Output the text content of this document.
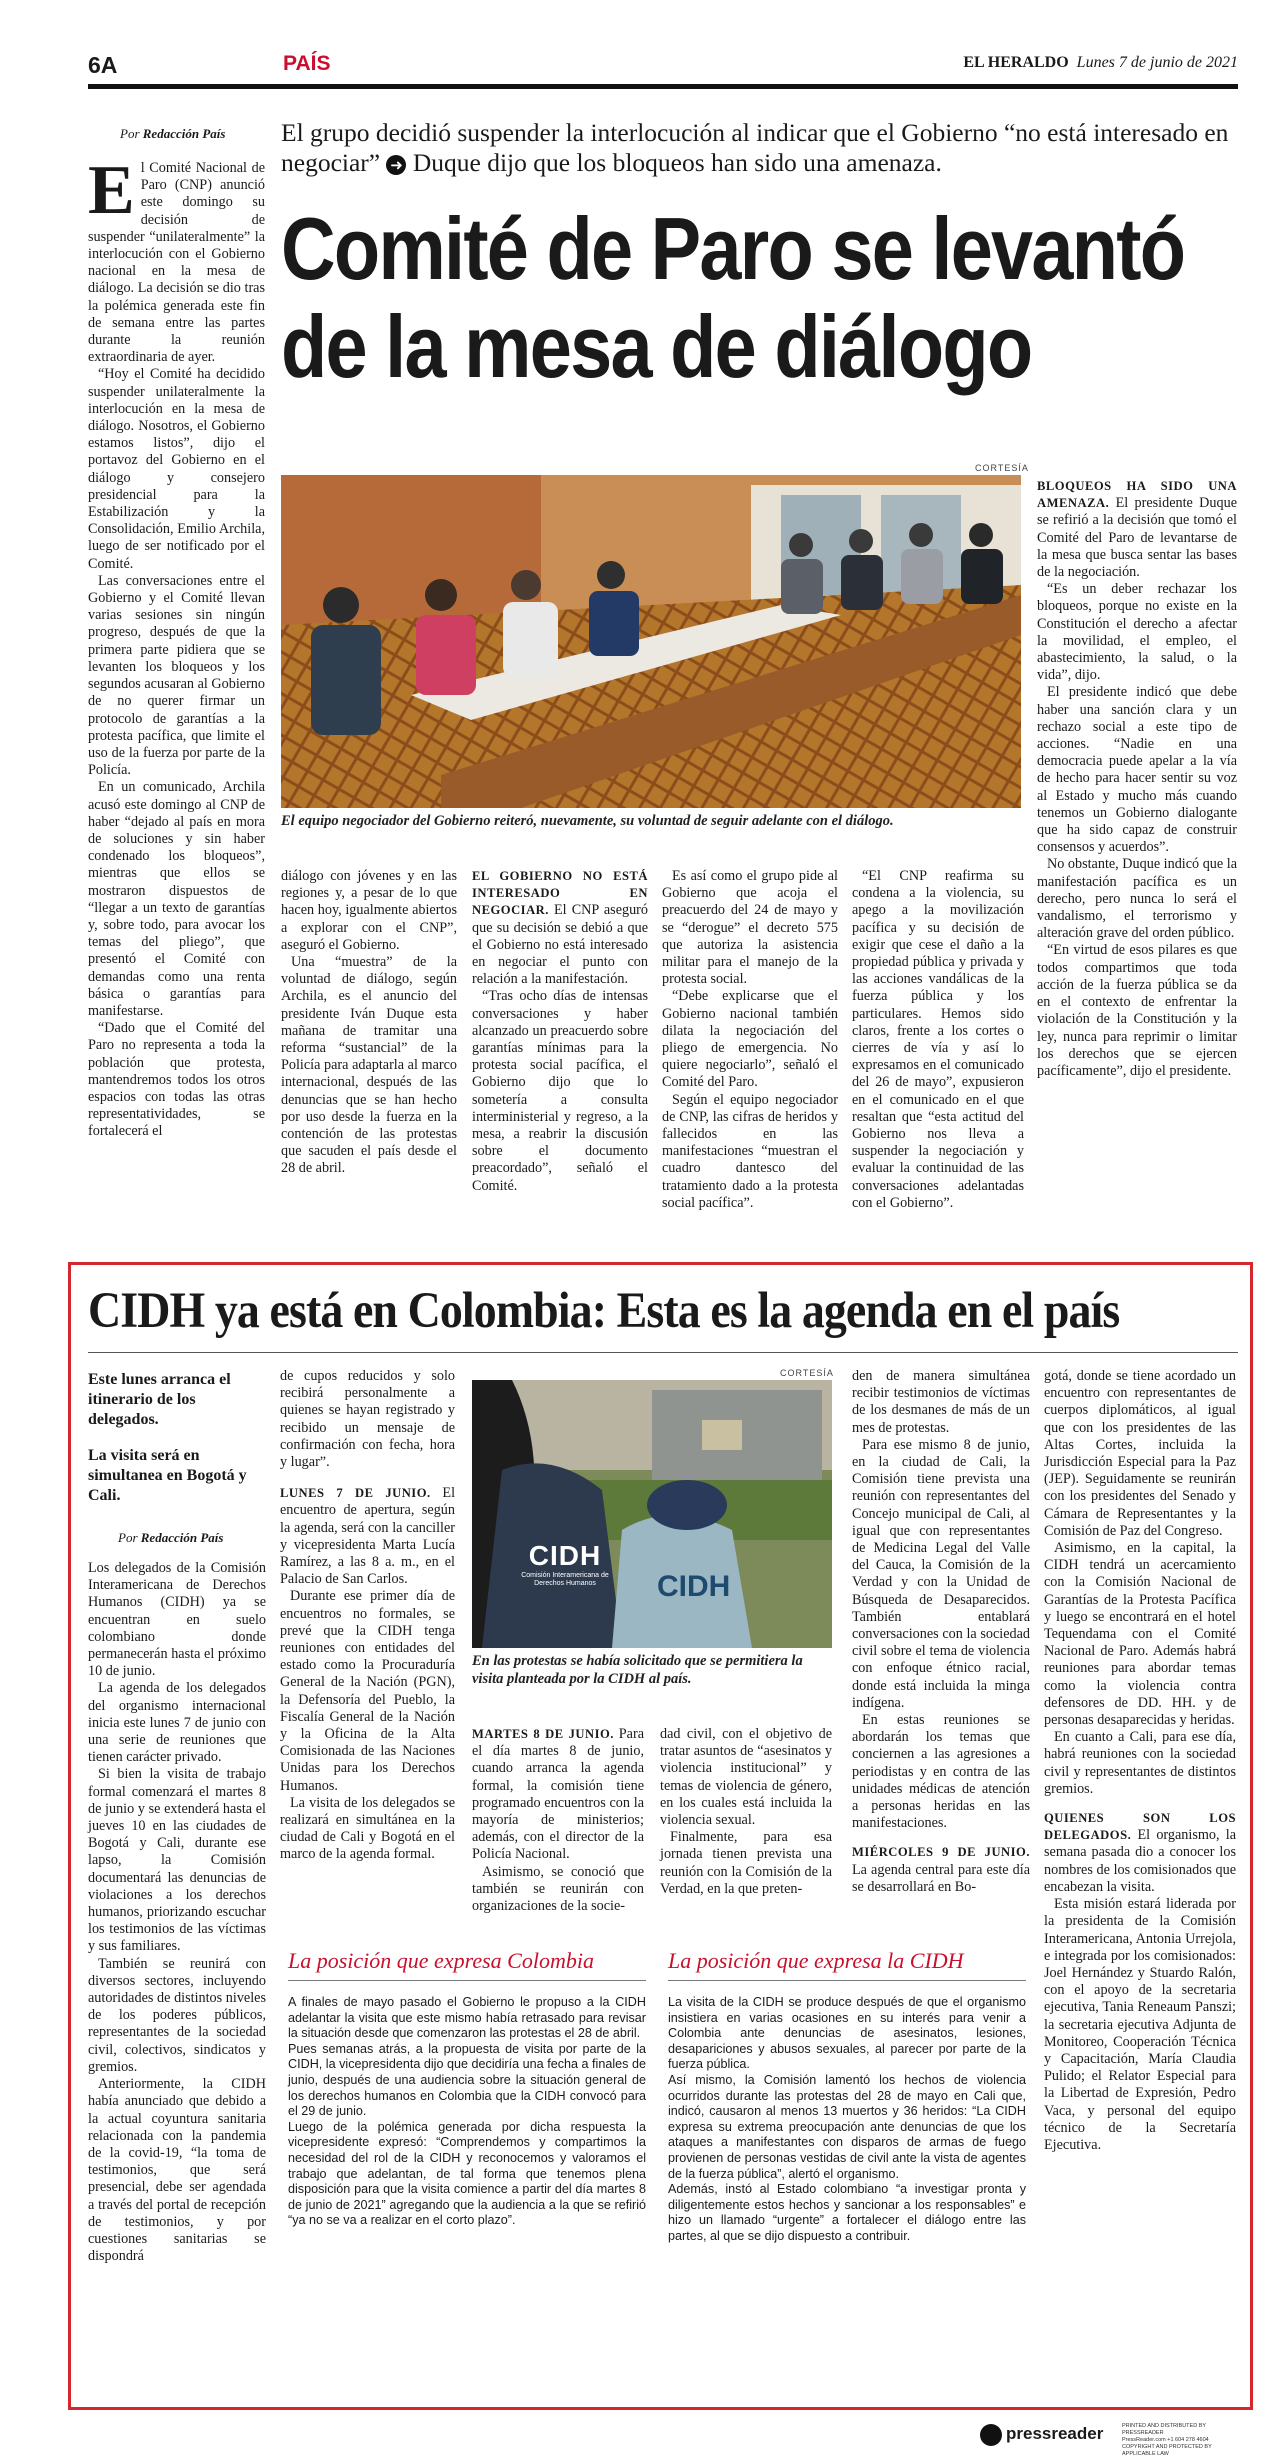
6A	PAÍS	EL HERALDO Lunes 7 de junio de 2021
Por Redacción País El grupo decidió suspender la interlocución al indicar que el Gobierno “no está interesado en negociar” ➜ Duque dijo que los bloqueos han sido una amenaza.
Comité de Paro se levantó
de la mesa de diálogo

El Comité Nacional de Paro (CNP) anunció este domingo su decisión de suspender “unilateralmente” la interlocución con el Gobierno nacional en la mesa de diálogo. La decisión se dio tras la polémica generada este fin de semana entre las partes durante la reunión extraordinaria de ayer.

“Hoy el Comité ha decidido suspender unilateralmente la interlocución en la mesa de diálogo. Nosotros, el Gobierno estamos listos”, dijo el portavoz del Gobierno en el diálogo y consejero presidencial para la Estabilización y la Consolidación, Emilio Archila, luego de ser notificado por el Comité.

Las conversaciones entre el Gobierno y el Comité llevan varias sesiones sin ningún progreso, después de que la primera parte pidiera que se levanten los bloqueos y los segundos acusaran al Gobierno de no querer firmar un protocolo de garantías a la protesta pacífica, que limite el uso de la fuerza por parte de la Policía.

En un comunicado, Archila acusó este domingo al CNP de haber “dejado al país en mora de soluciones y sin haber condenado los bloqueos”, mientras que ellos se mostraron dispuestos de “llegar a un texto de garantías y, sobre todo, para avocar los temas del pliego”, que presentó el Comité con demandas como una renta básica o garantías para manifestarse.

“Dado que el Comité del Paro no representa a toda la población que protesta, mantendremos todos los otros espacios con todas las otras representatividades, se fortalecerá el

CORTESÍA
El equipo negociador del Gobierno reiteró, nuevamente, su voluntad de seguir adelante con el diálogo.

BLOQUEOS HA SIDO UNA AMENAZA. El presidente Duque se refirió a la decisión que tomó el Comité del Paro de levantarse de la mesa que busca sentar las bases de la negociación.

“Es un deber rechazar los bloqueos, porque no existe en la Constitución el derecho a afectar la movilidad, el empleo, el abastecimiento, la salud, o la vida”, dijo.

El presidente indicó que debe haber una sanción clara y un rechazo social a este tipo de acciones. “Nadie en una democracia puede apelar a la vía de hecho para hacer sentir su voz al Estado y mucho más cuando tenemos un Gobierno dialogante que ha sido capaz de construir consensos y acuerdos”.

No obstante, Duque indicó que la manifestación pacífica es un derecho, pero nunca lo será el vandalismo, el terrorismo y alteración grave del orden público.

“En virtud de esos pilares es que todos compartimos que toda acción de la fuerza pública se da en el contexto de enfrentar la violación de la Constitución y la ley, nunca para reprimir o limitar los derechos que se ejercen pacíficamente”, dijo el presidente.

diálogo con jóvenes y en las regiones y, a pesar de lo que hacen hoy, igualmente abiertos a explorar con el CNP”, aseguró el Gobierno.

Una “muestra” de la voluntad de diálogo, según Archila, es el anuncio del presidente Iván Duque esta mañana de tramitar una reforma “sustancial” de la Policía para adaptarla al marco internacional, después de las denuncias que se han hecho por uso desde la fuerza en la contención de las protestas que sacuden el país desde el 28 de abril.

EL GOBIERNO NO ESTÁ INTERESADO EN NEGOCIAR. El CNP aseguró que su decisión se debió a que el Gobierno no está interesado en negociar el punto con relación a la manifestación.

“Tras ocho días de intensas conversaciones y haber alcanzado un preacuerdo sobre garantías mínimas para la protesta social pacífica, el Gobierno dijo que lo sometería a consulta interministerial y regreso, a la mesa, a reabrir la discusión sobre el documento preacordado”, señaló el Comité.

Es así como el grupo pide al Gobierno que acoja el preacuerdo del 24 de mayo y se “derogue” el decreto 575 que autoriza la asistencia militar para el manejo de la protesta social.

“Debe explicarse que el Gobierno nacional también dilata la negociación del pliego de emergencia. No quiere negociarlo”, señaló el Comité del Paro.

Según el equipo negociador de CNP, las cifras de heridos y fallecidos en las manifestaciones “muestran el cuadro dantesco del tratamiento dado a la protesta social pacífica”.

“El CNP reafirma su condena a la violencia, su apego a la movilización pacífica y su decisión de exigir que cese el daño a la propiedad pública y privada y las acciones vandálicas de la fuerza pública y los particulares. Hemos sido claros, frente a los cortes o cierres de vía y así lo expresamos en el comunicado del 26 de mayo”, expusieron en el comunicado en el que resaltan que “esta actitud del Gobierno nos lleva a suspender la negociación y evaluar la continuidad de las conversaciones adelantadas con el Gobierno”.

CIDH ya está en Colombia: Esta es la agenda en el país
Este lunes arranca el itinerario de los delegados.
La visita será en simultanea en Bogotá y Cali.
Por Redacción País

Los delegados de la Comisión Interamericana de Derechos Humanos (CIDH) ya se encuentran en suelo colombiano donde permanecerán hasta el próximo 10 de junio.

La agenda de los delegados del organismo internacional inicia este lunes 7 de junio con una serie de reuniones que tienen carácter privado.

Si bien la visita de trabajo formal comenzará el martes 8 de junio y se extenderá hasta el jueves 10 en las ciudades de Bogotá y Cali, durante ese lapso, la Comisión documentará las denuncias de violaciones a los derechos humanos, priorizando escuchar los testimonios de las víctimas y sus familiares.

También se reunirá con diversos sectores, incluyendo autoridades de distintos niveles de los poderes públicos, representantes de la sociedad civil, colectivos, sindicatos y gremios.

Anteriormente, la CIDH había anunciado que debido a la actual coyuntura sanitaria relacionada con la pandemia de la covid-19, “la toma de testimonios, que será presencial, debe ser agendada a través del portal de recepción de testimonios, y por cuestiones sanitarias se dispondrá

de cupos reducidos y solo recibirá personalmente a quienes se hayan registrado y recibido un mensaje de confirmación con fecha, hora y lugar”.

LUNES 7 DE JUNIO. El encuentro de apertura, según la agenda, será con la canciller y vicepresidenta Marta Lucía Ramírez, a las 8 a. m., en el Palacio de San Carlos.

Durante ese primer día de encuentros no formales, se prevé que la CIDH tenga reuniones con entidades del estado como la Procuraduría General de la Nación (PGN), la Defensoría del Pueblo, la Fiscalía General de la Nación y la Oficina de la Alta Comisionada de las Naciones Unidas para los Derechos Humanos.

La visita de los delegados se realizará en simultánea en la ciudad de Cali y Bogotá en el marco de la agenda formal.

CORTESÍA
CIDH
Comisión Interamericana de Derechos Humanos	CIDH
En las protestas se había solicitado que se permitiera la visita planteada por la CIDH al país.

MARTES 8 DE JUNIO. Para el día martes 8 de junio, cuando arranca la agenda formal, la comisión tiene programado encuentros con la mayoría de ministerios; además, con el director de la Policía Nacional.

Asimismo, se conoció que también se reunirán con organizaciones de la socie-

dad civil, con el objetivo de tratar asuntos de “asesinatos y violencia institucional” y temas de violencia de género, en los cuales está incluida la violencia sexual.

Finalmente, para esa jornada tienen prevista una reunión con la Comisión de la Verdad, en la que preten-

den de manera simultánea recibir testimonios de víctimas de los desmanes de más de un mes de protestas.

Para ese mismo 8 de junio, en la ciudad de Cali, la Comisión tiene prevista una reunión con representantes del Concejo municipal de Cali, al igual que con representantes de Medicina Legal del Valle del Cauca, la Comisión de la Verdad y con la Unidad de Búsqueda de Desaparecidos. También entablará conversaciones con la sociedad civil sobre el tema de violencia con enfoque étnico racial, donde está incluida la minga indígena.

En estas reuniones se abordarán los temas que conciernen a las agresiones a periodistas y en contra de las unidades médicas de atención a personas heridas en las manifestaciones.

MIÉRCOLES 9 DE JUNIO. La agenda central para este día se desarrollará en Bo-

gotá, donde se tiene acordado un encuentro con representantes de cuerpos diplomáticos, al igual que con los presidentes de las Altas Cortes, incluida la Jurisdicción Especial para la Paz (JEP). Seguidamente se reunirán con los presidentes del Senado y Cámara de Representantes y la Comisión de Paz del Congreso.

Asimismo, en la capital, la CIDH tendrá un acercamiento con la Comisión Nacional de Garantías de la Protesta Pacífica y luego se encontrará en el hotel Tequendama con el Comité Nacional de Paro. Además habrá reuniones para abordar temas como la violencia contra defensores de DD. HH. y de personas desaparecidas y heridas.

En cuanto a Cali, para ese día, habrá reuniones con la sociedad civil y representantes de distintos gremios.

QUIENES SON LOS DELEGADOS. El organismo, la semana pasada dio a conocer los nombres de los comisionados que encabezan la visita.

Esta misión estará liderada por la presidenta de la Comisión Interamericana, Antonia Urrejola, e integrada por los comisionados: Joel Hernández y Stuardo Ralón, con el apoyo de la secretaria ejecutiva, Tania Reneaum Panszi; la secretaria ejecutiva Adjunta de Monitoreo, Cooperación Técnica y Capacitación, María Claudia Pulido; el Relator Especial para la Libertad de Expresión, Pedro Vaca, y personal del equipo técnico de la Secretaría Ejecutiva.

La posición que expresa Colombia

A finales de mayo pasado el Gobierno le propuso a la CIDH adelantar la visita que este mismo había retrasado para revisar la situación desde que comenzaron las protestas el 28 de abril.

Pues semanas atrás, a la propuesta de visita por parte de la CIDH, la vicepresidenta dijo que decidiría una fecha a finales de junio, después de una audiencia sobre la situación general de los derechos humanos en Colombia que la CIDH convocó para el 29 de junio.

Luego de la polémica generada por dicha respuesta la vicepresidente expresó: “Comprendemos y compartimos la necesidad del rol de la CIDH y reconocemos y valoramos el trabajo que adelantan, de tal forma que tenemos plena disposición para que la visita comience a partir del día martes 8 de junio de 2021” agregando que la audiencia a la que se refirió “ya no se va a realizar en el corto plazo”.

La posición que expresa la CIDH

La visita de la CIDH se produce después de que el organismo insistiera en varias ocasiones en su interés para venir a Colombia ante denuncias de asesinatos, lesiones, desapariciones y abusos sexuales, al parecer por parte de la fuerza pública.

Así mismo, la Comisión lamentó los hechos de violencia ocurridos durante las protestas del 28 de mayo en Cali que, indicó, causaron al menos 13 muertos y 36 heridos: “La CIDH expresa su extrema preocupación ante denuncias de que los ataques a manifestantes con disparos de armas de fuego provienen de personas vestidas de civil ante la vista de agentes de la fuerza pública”, alertó el organismo.

Además, instó al Estado colombiano “a investigar pronta y diligentemente estos hechos y sancionar a los responsables” e hizo un llamado “urgente” a fortalecer el diálogo entre las partes, al que se dijo dispuesto a contribuir.

pressreader	PRINTED AND DISTRIBUTED BY PRESSREADER
PressReader.com +1 604 278 4604
COPYRIGHT AND PROTECTED BY APPLICABLE LAW
